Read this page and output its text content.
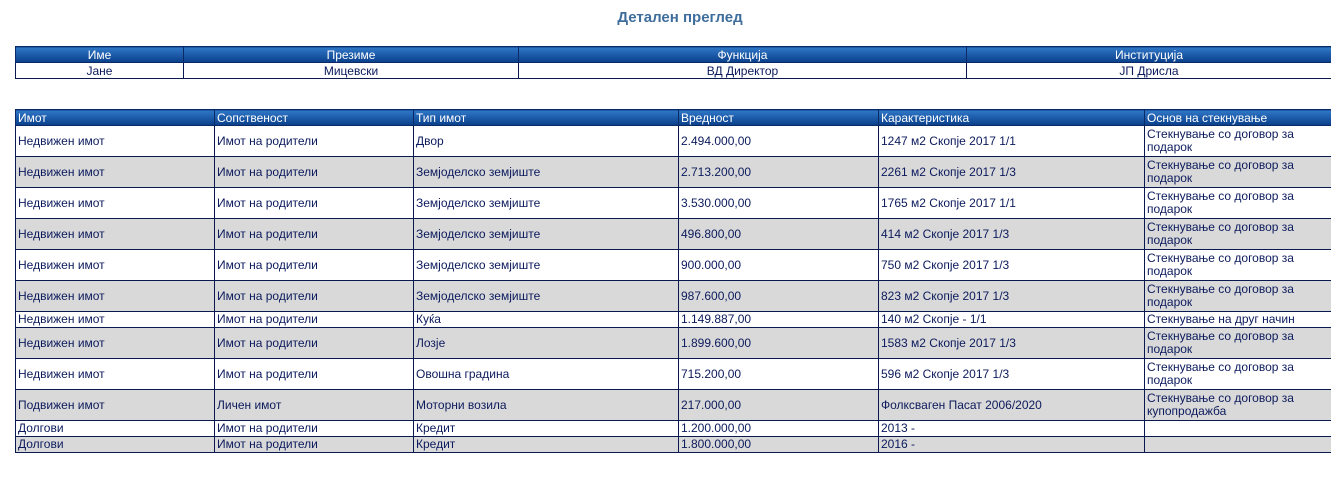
Детален преглед
Име	Презиме	Функција	Институција
Јане	Мицевски	ВД Директор	ЈП Дрисла
Имот	Сопственост	Тип имот	Вредност	Карактеристика	Основ на стекнување
Недвижен имот	Имот на родители	Двор	2.494.000,00	1247 м2 Скопје 2017 1/1	Стекнување со договор за подарок
Недвижен имот	Имот на родители	Земјоделско земјиште	2.713.200,00	2261 м2 Скопје 2017 1/3	Стекнување со договор за подарок
Недвижен имот	Имот на родители	Земјоделско земјиште	3.530.000,00	1765 м2 Скопје 2017 1/1	Стекнување со договор за подарок
Недвижен имот	Имот на родители	Земјоделско земјиште	496.800,00	414 м2 Скопје 2017 1/3	Стекнување со договор за подарок
Недвижен имот	Имот на родители	Земјоделско земјиште	900.000,00	750 м2 Скопје 2017 1/3	Стекнување со договор за подарок
Недвижен имот	Имот на родители	Земјоделско земјиште	987.600,00	823 м2 Скопје 2017 1/3	Стекнување со договор за подарок
Недвижен имот	Имот на родители	Куќа	1.149.887,00	140 м2 Скопје - 1/1	Стекнување на друг начин
Недвижен имот	Имот на родители	Лозје	1.899.600,00	1583 м2 Скопје 2017 1/3	Стекнување со договор за подарок
Недвижен имот	Имот на родители	Овошна градина	715.200,00	596 м2 Скопје 2017 1/3	Стекнување со договор за подарок
Подвижен имот	Личен имот	Моторни возила	217.000,00	Фолксваген Пасат 2006/2020	Стекнување со договор за купопродажба
Долгови	Имот на родители	Кредит	1.200.000,00	2013 -	
Долгови	Имот на родители	Кредит	1.800.000,00	2016 -	
